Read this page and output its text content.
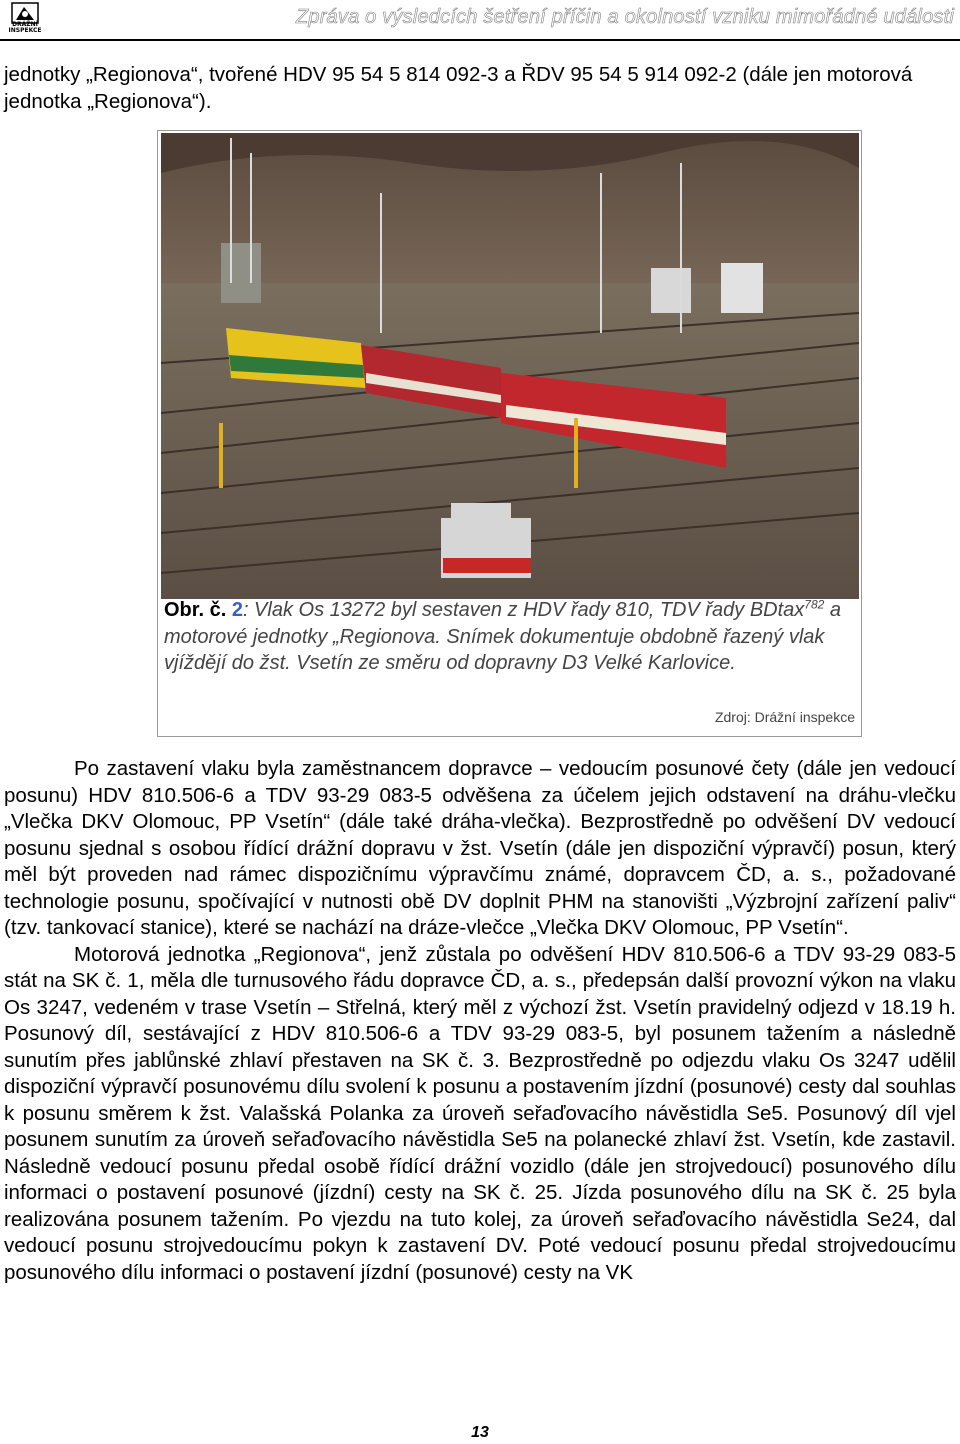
DRÁŽNÍ INSPEKCE
Zpráva o výsledcích šetření příčin a okolností vzniku mimořádné události
jednotky „Regionova“, tvořené HDV 95 54 5 814 092-3 a ŘDV 95 54 5 914 092-2 (dále jen motorová jednotka „Regionova“).
Obr. č. 2: Vlak Os 13272 byl sestaven z HDV řady 810, TDV řady BDtax$^{782}$ a motorové jednotky „Regionova. Snímek dokumentuje obdobně řazený vlak vjíždějí do žst. Vsetín ze směru od dopravny D3 Velké Karlovice.
Zdroj: Drážní inspekce

Po zastavení vlaku byla zaměstnancem dopravce – vedoucím posunové čety (dále jen vedoucí posunu) HDV 810.506-6 a TDV 93-29 083-5 odvěšena za účelem jejich odstavení na dráhu-vlečku „Vlečka DKV Olomouc, PP Vsetín“ (dále také dráha-vlečka). Bezprostředně po odvěšení DV vedoucí posunu sjednal s osobou řídící drážní dopravu v žst. Vsetín (dále jen dispoziční výpravčí) posun, který měl být proveden nad rámec dispozičnímu výpravčímu známé, dopravcem ČD, a. s., požadované technologie posunu, spočívající v nutnosti obě DV doplnit PHM na stanovišti „Výzbrojní zařízení paliv“ (tzv. tankovací stanice), které se nachází na dráze-vlečce „Vlečka DKV Olomouc, PP Vsetín“.

Motorová jednotka „Regionova“, jenž zůstala po odvěšení HDV 810.506-6 a TDV 93-29 083-5 stát na SK č. 1, měla dle turnusového řádu dopravce ČD, a. s., předepsán další provozní výkon na vlaku Os 3247, vedeném v trase Vsetín – Střelná, který měl z výchozí žst. Vsetín pravidelný odjezd v 18.19 h. Posunový díl, sestávající z HDV 810.506-6 a TDV 93-29 083-5, byl posunem tažením a následně sunutím přes jablůnské zhlaví přestaven na SK č. 3. Bezprostředně po odjezdu vlaku Os 3247 udělil dispoziční výpravčí posunovému dílu svolení k posunu a postavením jízdní (posunové) cesty dal souhlas k posunu směrem k žst. Valašská Polanka za úroveň seřaďovacího návěstidla Se5. Posunový díl vjel posunem sunutím za úroveň seřaďovacího návěstidla Se5 na polanecké zhlaví žst. Vsetín, kde zastavil. Následně vedoucí posunu předal osobě řídící drážní vozidlo (dále jen strojvedoucí) posunového dílu informaci o postavení posunové (jízdní) cesty na SK č. 25. Jízda posunového dílu na SK č. 25 byla realizována posunem tažením. Po vjezdu na tuto kolej, za úroveň seřaďovacího návěstidla Se24, dal vedoucí posunu strojvedoucímu pokyn k zastavení DV. Poté vedoucí posunu předal strojvedoucímu posunového dílu informaci o postavení jízdní (posunové) cesty na VK

13
